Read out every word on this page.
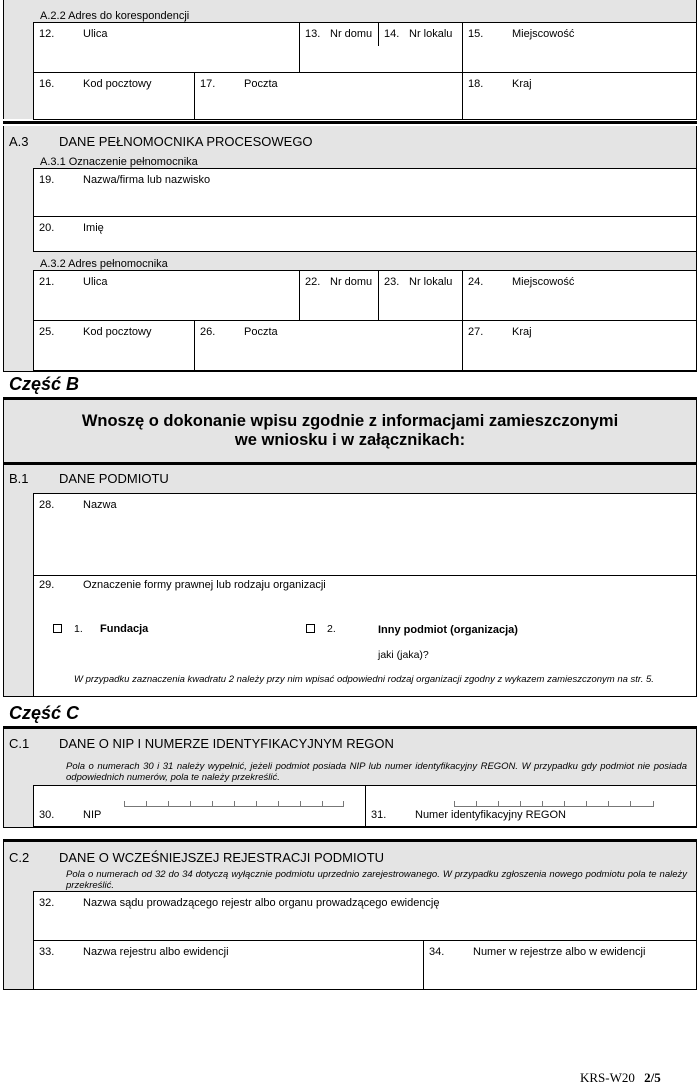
A.2.2 Adres do korespondencji
12.	Ulica	13. Nr domu 14. Nr lokalu 15.	Miejscowość
16.	Kod pocztowy	17.	Poczta	18.	Kraj
A.3 DANE PEŁNOMOCNIKA PROCESOWEGO
A.3.1 Oznaczenie pełnomocnika
19.	Nazwa/firma lub nazwisko
20.	Imię
A.3.2 Adres pełnomocnika
21.	Ulica	22. Nr domu 23. Nr lokalu 24.	Miejscowość
25.	Kod pocztowy	26.	Poczta	27.	Kraj
Część B
Wnoszę o dokonanie wpisu zgodnie z informacjami zamieszczonymi
we wniosku i w załącznikach:
B.1 DANE PODMIOTU
28.	Nazwa
29.	Oznaczenie formy prawnej lub rodzaju organizacji
1. Fundacja	2.	Inny podmiot (organizacja)
jaki (jaka)?
W przypadku zaznaczenia kwadratu 2 należy przy nim wpisać odpowiedni rodzaj organizacji zgodny z wykazem zamieszczonym na str. 5.
Część C
C.1 DANE O NIP I NUMERZE IDENTYFIKACYJNYM REGON
Pola o numerach 30 i 31 należy wypełnić, jeżeli podmiot posiada NIP lub numer identyfikacyjny REGON. W przypadku gdy podmiot nie posiada odpowiednich numerów, pola te należy przekreślić.
30.	NIP	31.	Numer identyfikacyjny REGON
C.2 DANE O WCZEŚNIEJSZEJ REJESTRACJI PODMIOTU
Pola o numerach od 32 do 34 dotyczą wyłącznie podmiotu uprzednio zarejestrowanego. W przypadku zgłoszenia nowego podmiotu pola te należy przekreślić.
32.	Nazwa sądu prowadzącego rejestr albo organu prowadzącego ewidencję
33.	Nazwa rejestru albo ewidencji	34.	Numer w rejestrze albo w ewidencji
KRS-W20 2/5
